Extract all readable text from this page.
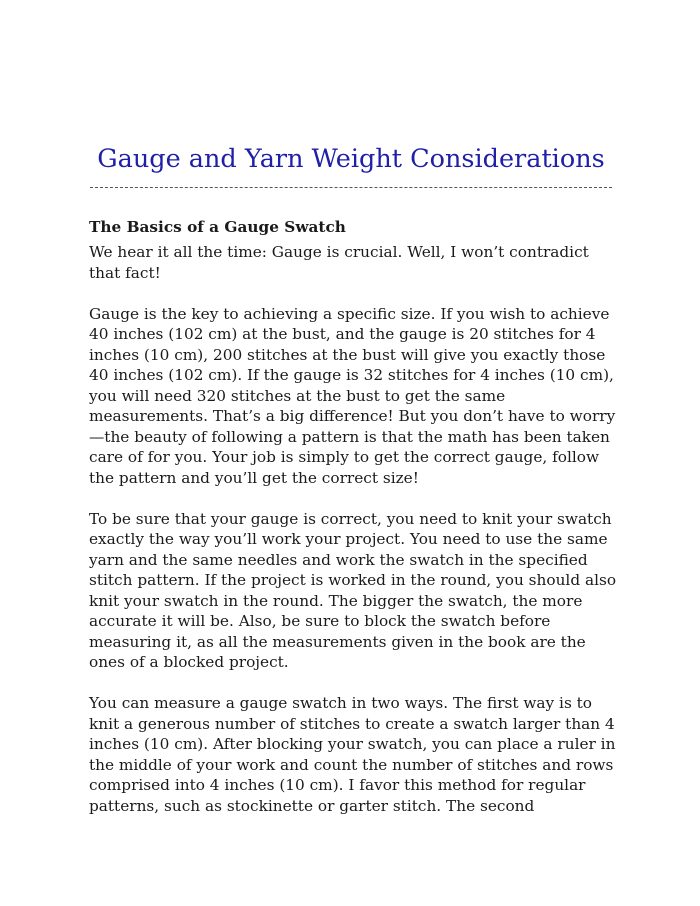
Gauge and Yarn Weight Considerations
The Basics of a Gauge Swatch

We hear it all the time: Gauge is crucial. Well, I won’t contradict that fact!

Gauge is the key to achieving a specific size. If you wish to achieve 40 inches (102 cm) at the bust, and the gauge is 20 stitches for 4 inches (10 cm), 200 stitches at the bust will give you exactly those 40 inches (102 cm). If the gauge is 32 stitches for 4 inches (10 cm), you will need 320 stitches at the bust to get the same measurements. That’s a big difference! But you don’t have to worry—the beauty of following a pattern is that the math has been taken care of for you. Your job is simply to get the correct gauge, follow the pattern and you’ll get the correct size!

To be sure that your gauge is correct, you need to knit your swatch exactly the way you’ll work your project. You need to use the same yarn and the same needles and work the swatch in the specified stitch pattern. If the project is worked in the round, you should also knit your swatch in the round. The bigger the swatch, the more accurate it will be. Also, be sure to block the swatch before measuring it, as all the measurements given in the book are the ones of a blocked project.

You can measure a gauge swatch in two ways. The first way is to knit a generous number of stitches to create a swatch larger than 4 inches (10 cm). After blocking your swatch, you can place a ruler in the middle of your work and count the number of stitches and rows comprised into 4 inches (10 cm). I favor this method for regular patterns, such as stockinette or garter stitch. The second
